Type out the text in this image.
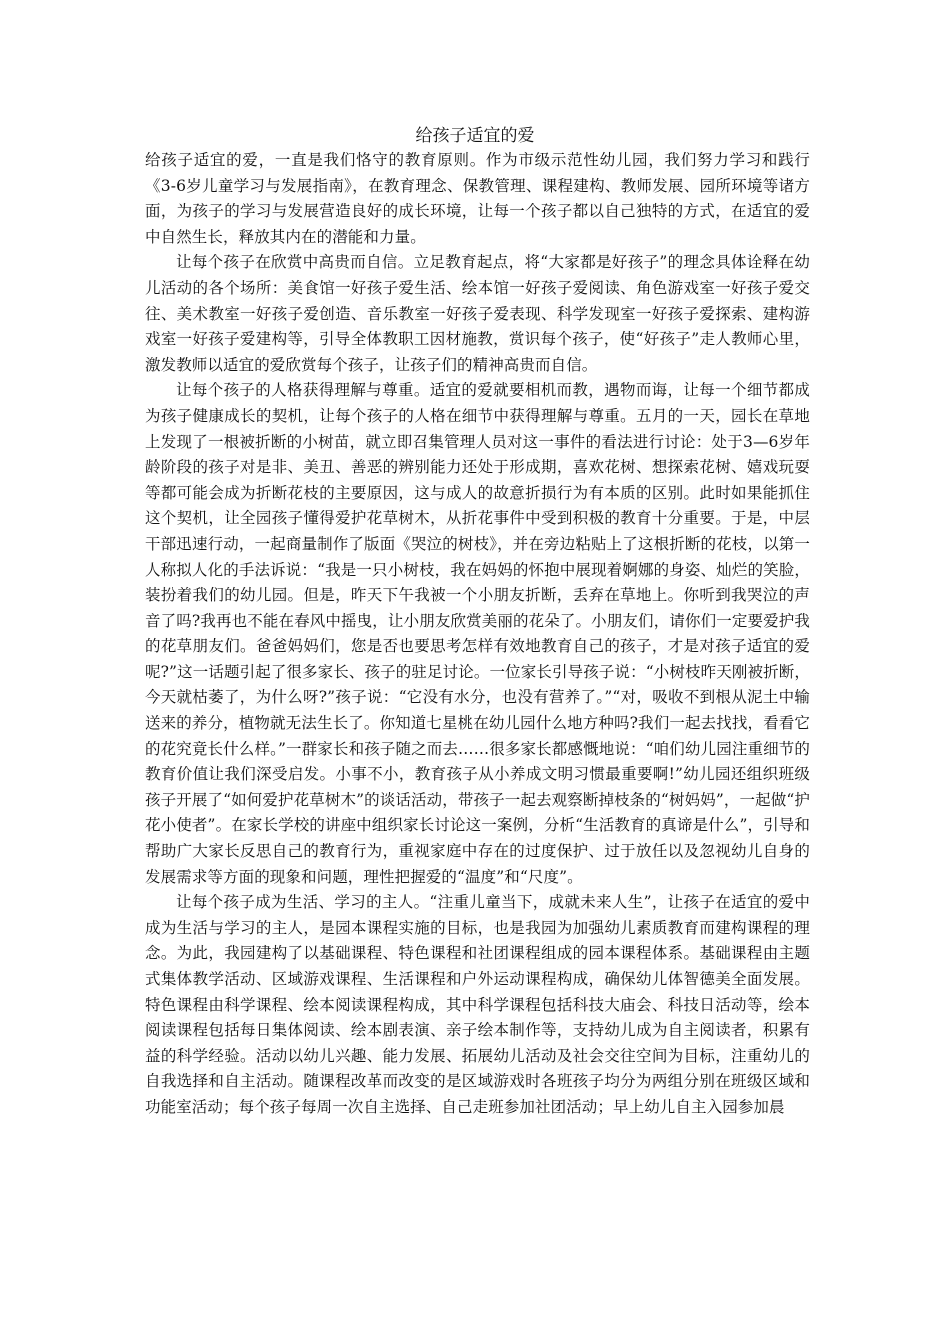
给孩子适宜的爱

给孩子适宜的爱，一直是我们恪守的教育原则。作为市级示范性幼儿园，我们努力学习和践行《3-6岁儿童学习与发展指南》，在教育理念、保教管理、课程建构、教师发展、园所环境等诸方面，为孩子的学习与发展营造良好的成长环境，让每一个孩子都以自己独特的方式，在适宜的爱中自然生长，释放其内在的潜能和力量。

让每个孩子在欣赏中高贵而自信。立足教育起点，将“大家都是好孩子”的理念具体诠释在幼儿活动的各个场所：美食馆一好孩子爱生活、绘本馆一好孩子爱阅读、角色游戏室一好孩子爱交往、美术教室一好孩子爱创造、音乐教室一好孩子爱表现、科学发现室一好孩子爱探索、建构游戏室一好孩子爱建构等，引导全体教职工因材施教，赏识每个孩子，使“好孩子”走人教师心里，激发教师以适宜的爱欣赏每个孩子，让孩子们的精神高贵而自信。

让每个孩子的人格获得理解与尊重。适宜的爱就要相机而教，遇物而诲，让每一个细节都成为孩子健康成长的契机，让每个孩子的人格在细节中获得理解与尊重。五月的一天，园长在草地上发现了一根被折断的小树苗，就立即召集管理人员对这一事件的看法进行讨论：处于3—6岁年龄阶段的孩子对是非、美丑、善恶的辨别能力还处于形成期，喜欢花树、想探索花树、嬉戏玩耍等都可能会成为折断花枝的主要原因，这与成人的故意折损行为有本质的区别。此时如果能抓住这个契机，让全园孩子懂得爱护花草树木，从折花事件中受到积极的教育十分重要。于是，中层干部迅速行动，一起商量制作了版面《哭泣的树枝》，并在旁边粘贴上了这根折断的花枝，以第一人称拟人化的手法诉说：“我是一只小树枝，我在妈妈的怀抱中展现着婀娜的身姿、灿烂的笑脸，装扮着我们的幼儿园。但是，昨天下午我被一个小朋友折断，丢弃在草地上。你听到我哭泣的声音了吗?我再也不能在春风中摇曳，让小朋友欣赏美丽的花朵了。小朋友们，请你们一定要爱护我的花草朋友们。爸爸妈妈们，您是否也要思考怎样有效地教育自己的孩子，才是对孩子适宜的爱呢?”这一话题引起了很多家长、孩子的驻足讨论。一位家长引导孩子说：“小树枝昨天刚被折断，今天就枯萎了，为什么呀?”孩子说：“它没有水分，也没有营养了。”“对，吸收不到根从泥土中输送来的养分，植物就无法生长了。你知道七星桃在幼儿园什么地方种吗?我们一起去找找，看看它的花究竟长什么样。”一群家长和孩子随之而去……很多家长都感慨地说：“咱们幼儿园注重细节的教育价值让我们深受启发。小事不小，教育孩子从小养成文明习惯最重要啊!”幼儿园还组织班级孩子开展了“如何爱护花草树木”的谈话活动，带孩子一起去观察断掉枝条的“树妈妈”，一起做“护花小使者”。在家长学校的讲座中组织家长讨论这一案例，分析“生活教育的真谛是什么”，引导和帮助广大家长反思自己的教育行为，重视家庭中存在的过度保护、过于放任以及忽视幼儿自身的发展需求等方面的现象和问题，理性把握爱的“温度”和“尺度”。

让每个孩子成为生活、学习的主人。“注重儿童当下，成就未来人生”，让孩子在适宜的爱中成为生活与学习的主人，是园本课程实施的目标，也是我园为加强幼儿素质教育而建构课程的理念。为此，我园建构了以基础课程、特色课程和社团课程组成的园本课程体系。基础课程由主题式集体教学活动、区域游戏课程、生活课程和户外运动课程构成，确保幼儿体智德美全面发展。特色课程由科学课程、绘本阅读课程构成，其中科学课程包括科技大庙会、科技日活动等，绘本阅读课程包括每日集体阅读、绘本剧表演、亲子绘本制作等，支持幼儿成为自主阅读者，积累有益的科学经验。活动以幼儿兴趣、能力发展、拓展幼儿活动及社会交往空间为目标，注重幼儿的自我选择和自主活动。随课程改革而改变的是区域游戏时各班孩子均分为两组分别在班级区域和功能室活动；每个孩子每周一次自主选择、自己走班参加社团活动；早上幼儿自主入园参加晨
